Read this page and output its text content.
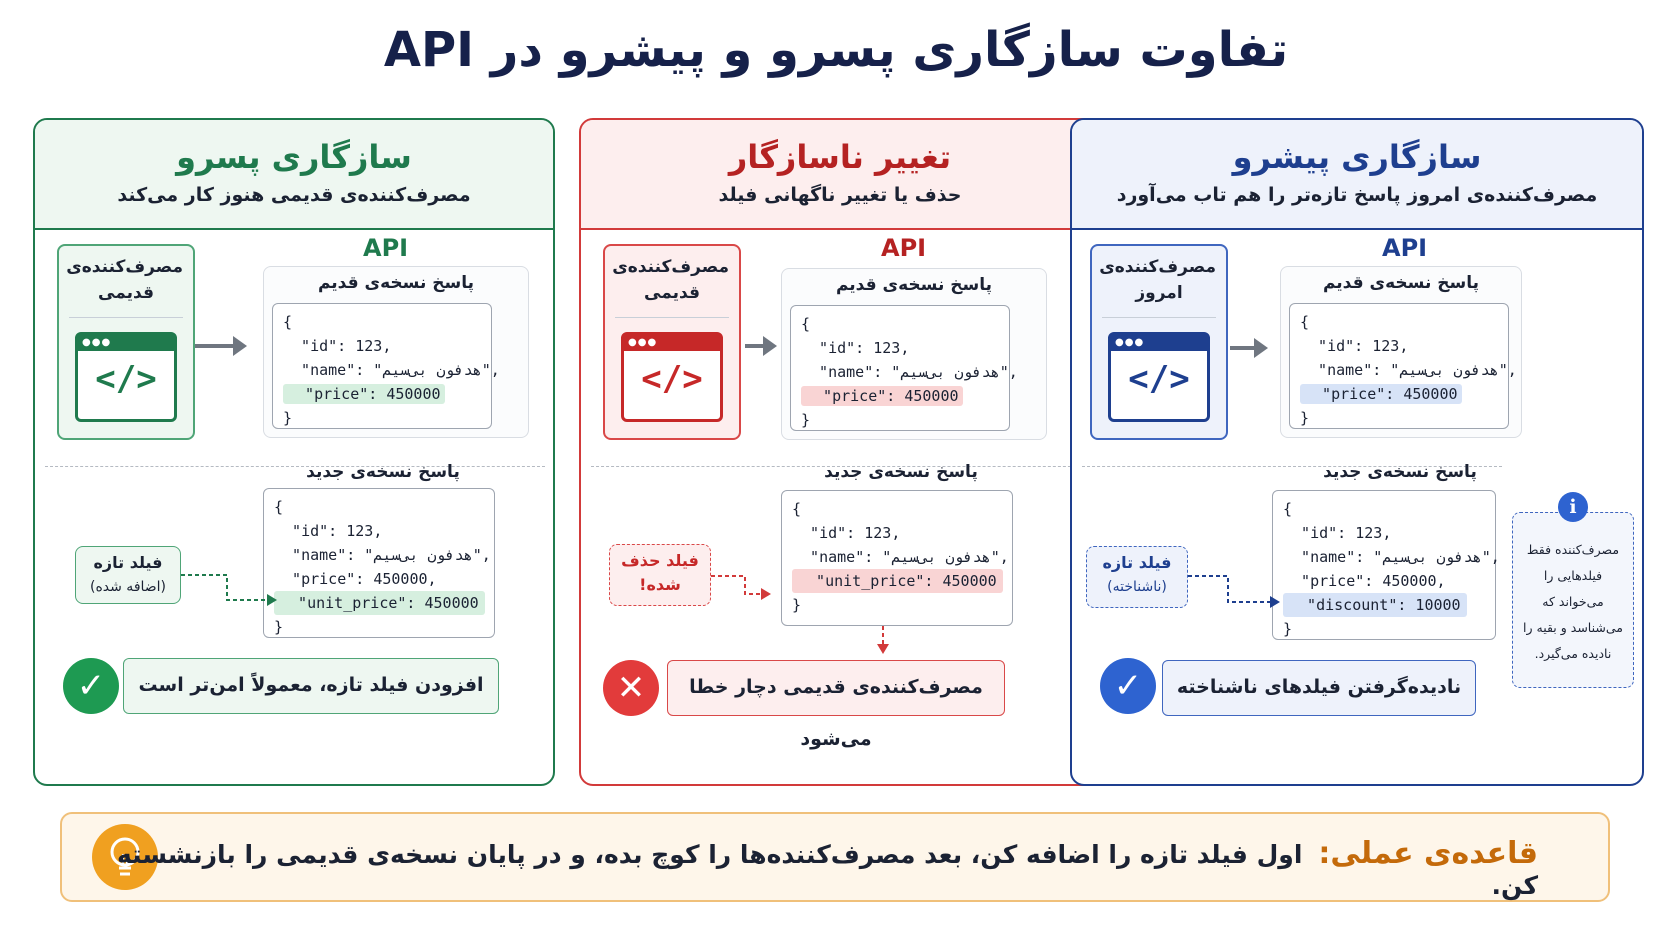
تفاوت سازگاری پسرو و پیشرو در API
سازگاری پسرو
مصرف‌کننده‌ی قدیمی هنوز کار می‌کند
API
مصرف‌کننده‌ی قدیمی
●●●
</>
پاسخ نسخه‌ی قدیم
{
"id": 123,
"name": "هدفون بی‌سیم",
"price": 450000
}
پاسخ نسخه‌ی جدید
{
"id": 123,
"name": "هدفون بی‌سیم",
"price": 450000,
"unit_price": 450000
}
فیلد تازه
(اضافه شده)
✓	افزودن فیلد تازه، معمولاً امن‌تر است
تغییر ناسازگار
حذف یا تغییر ناگهانی فیلد
API
مصرف‌کننده‌ی قدیمی
●●●
</>
پاسخ نسخه‌ی قدیم
{
"id": 123,
"name": "هدفون بی‌سیم",
"price": 450000
}
پاسخ نسخه‌ی جدید
{
"id": 123,
"name": "هدفون بی‌سیم",
"unit_price": 450000
}
فیلد حذف
شده!
✕	مصرف‌کننده‌ی قدیمی دچار خطا می‌شود
سازگاری پیشرو
مصرف‌کننده‌ی امروز پاسخ تازه‌تر را هم تاب می‌آورد
API
مصرف‌کننده‌ی امروز
●●●
</>
پاسخ نسخه‌ی قدیم
{
"id": 123,
"name": "هدفون بی‌سیم",
"price": 450000
}
پاسخ نسخه‌ی جدید
{
"id": 123,
"name": "هدفون بی‌سیم",
"price": 450000,
"discount": 10000
}
فیلد تازه
(ناشناخته)
مصرف‌کننده فقط فیلدهایی را می‌خواند که می‌شناسد و بقیه را نادیده می‌گیرد.
i
✓	نادیده‌گرفتن فیلدهای ناشناخته
قاعده‌ی عملی:اول فیلد تازه را اضافه کن، بعد مصرف‌کننده‌ها را کوچ بده، و در پایان نسخه‌ی قدیمی را بازنشسته کن.
